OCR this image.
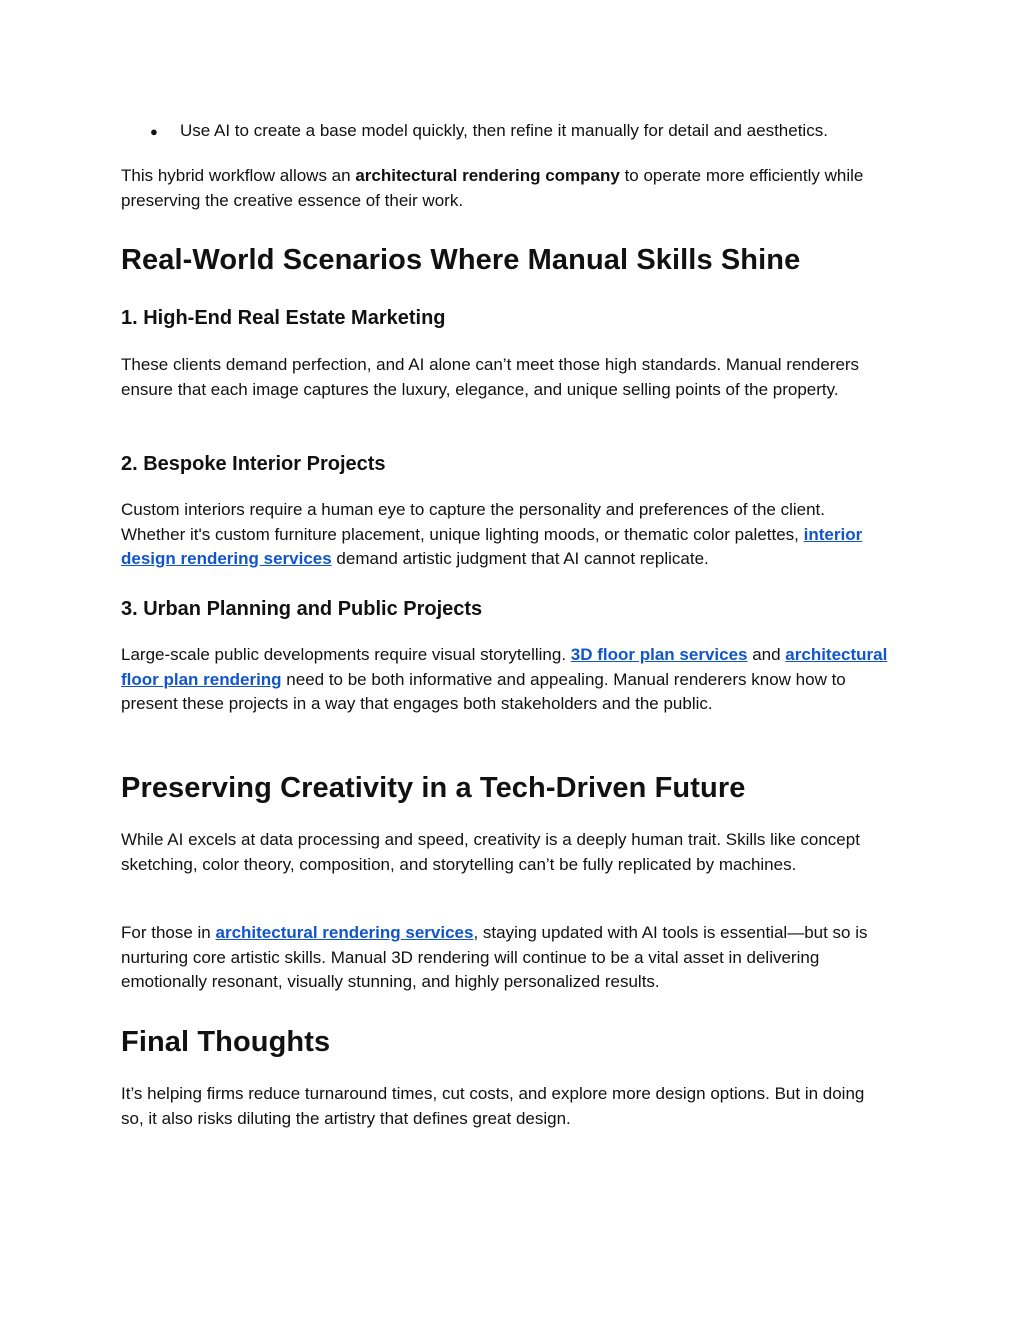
● Use AI to create a base model quickly, then refine it manually for detail and aesthetics.

This hybrid workflow allows an architectural rendering company to operate more efficiently while preserving the creative essence of their work.

Real-World Scenarios Where Manual Skills Shine
1. High-End Real Estate Marketing

These clients demand perfection, and AI alone can’t meet those high standards. Manual renderers ensure that each image captures the luxury, elegance, and unique selling points of the property.

2. Bespoke Interior Projects

Custom interiors require a human eye to capture the personality and preferences of the client. Whether it's custom furniture placement, unique lighting moods, or thematic color palettes, interior design rendering services demand artistic judgment that AI cannot replicate.

3. Urban Planning and Public Projects

Large-scale public developments require visual storytelling. 3D floor plan services and architectural floor plan rendering need to be both informative and appealing. Manual renderers know how to present these projects in a way that engages both stakeholders and the public.

Preserving Creativity in a Tech-Driven Future

While AI excels at data processing and speed, creativity is a deeply human trait. Skills like concept sketching, color theory, composition, and storytelling can’t be fully replicated by machines.

For those in architectural rendering services, staying updated with AI tools is essential—but so is nurturing core artistic skills. Manual 3D rendering will continue to be a vital asset in delivering emotionally resonant, visually stunning, and highly personalized results.

Final Thoughts

It’s helping firms reduce turnaround times, cut costs, and explore more design options. But in doing so, it also risks diluting the artistry that defines great design.
